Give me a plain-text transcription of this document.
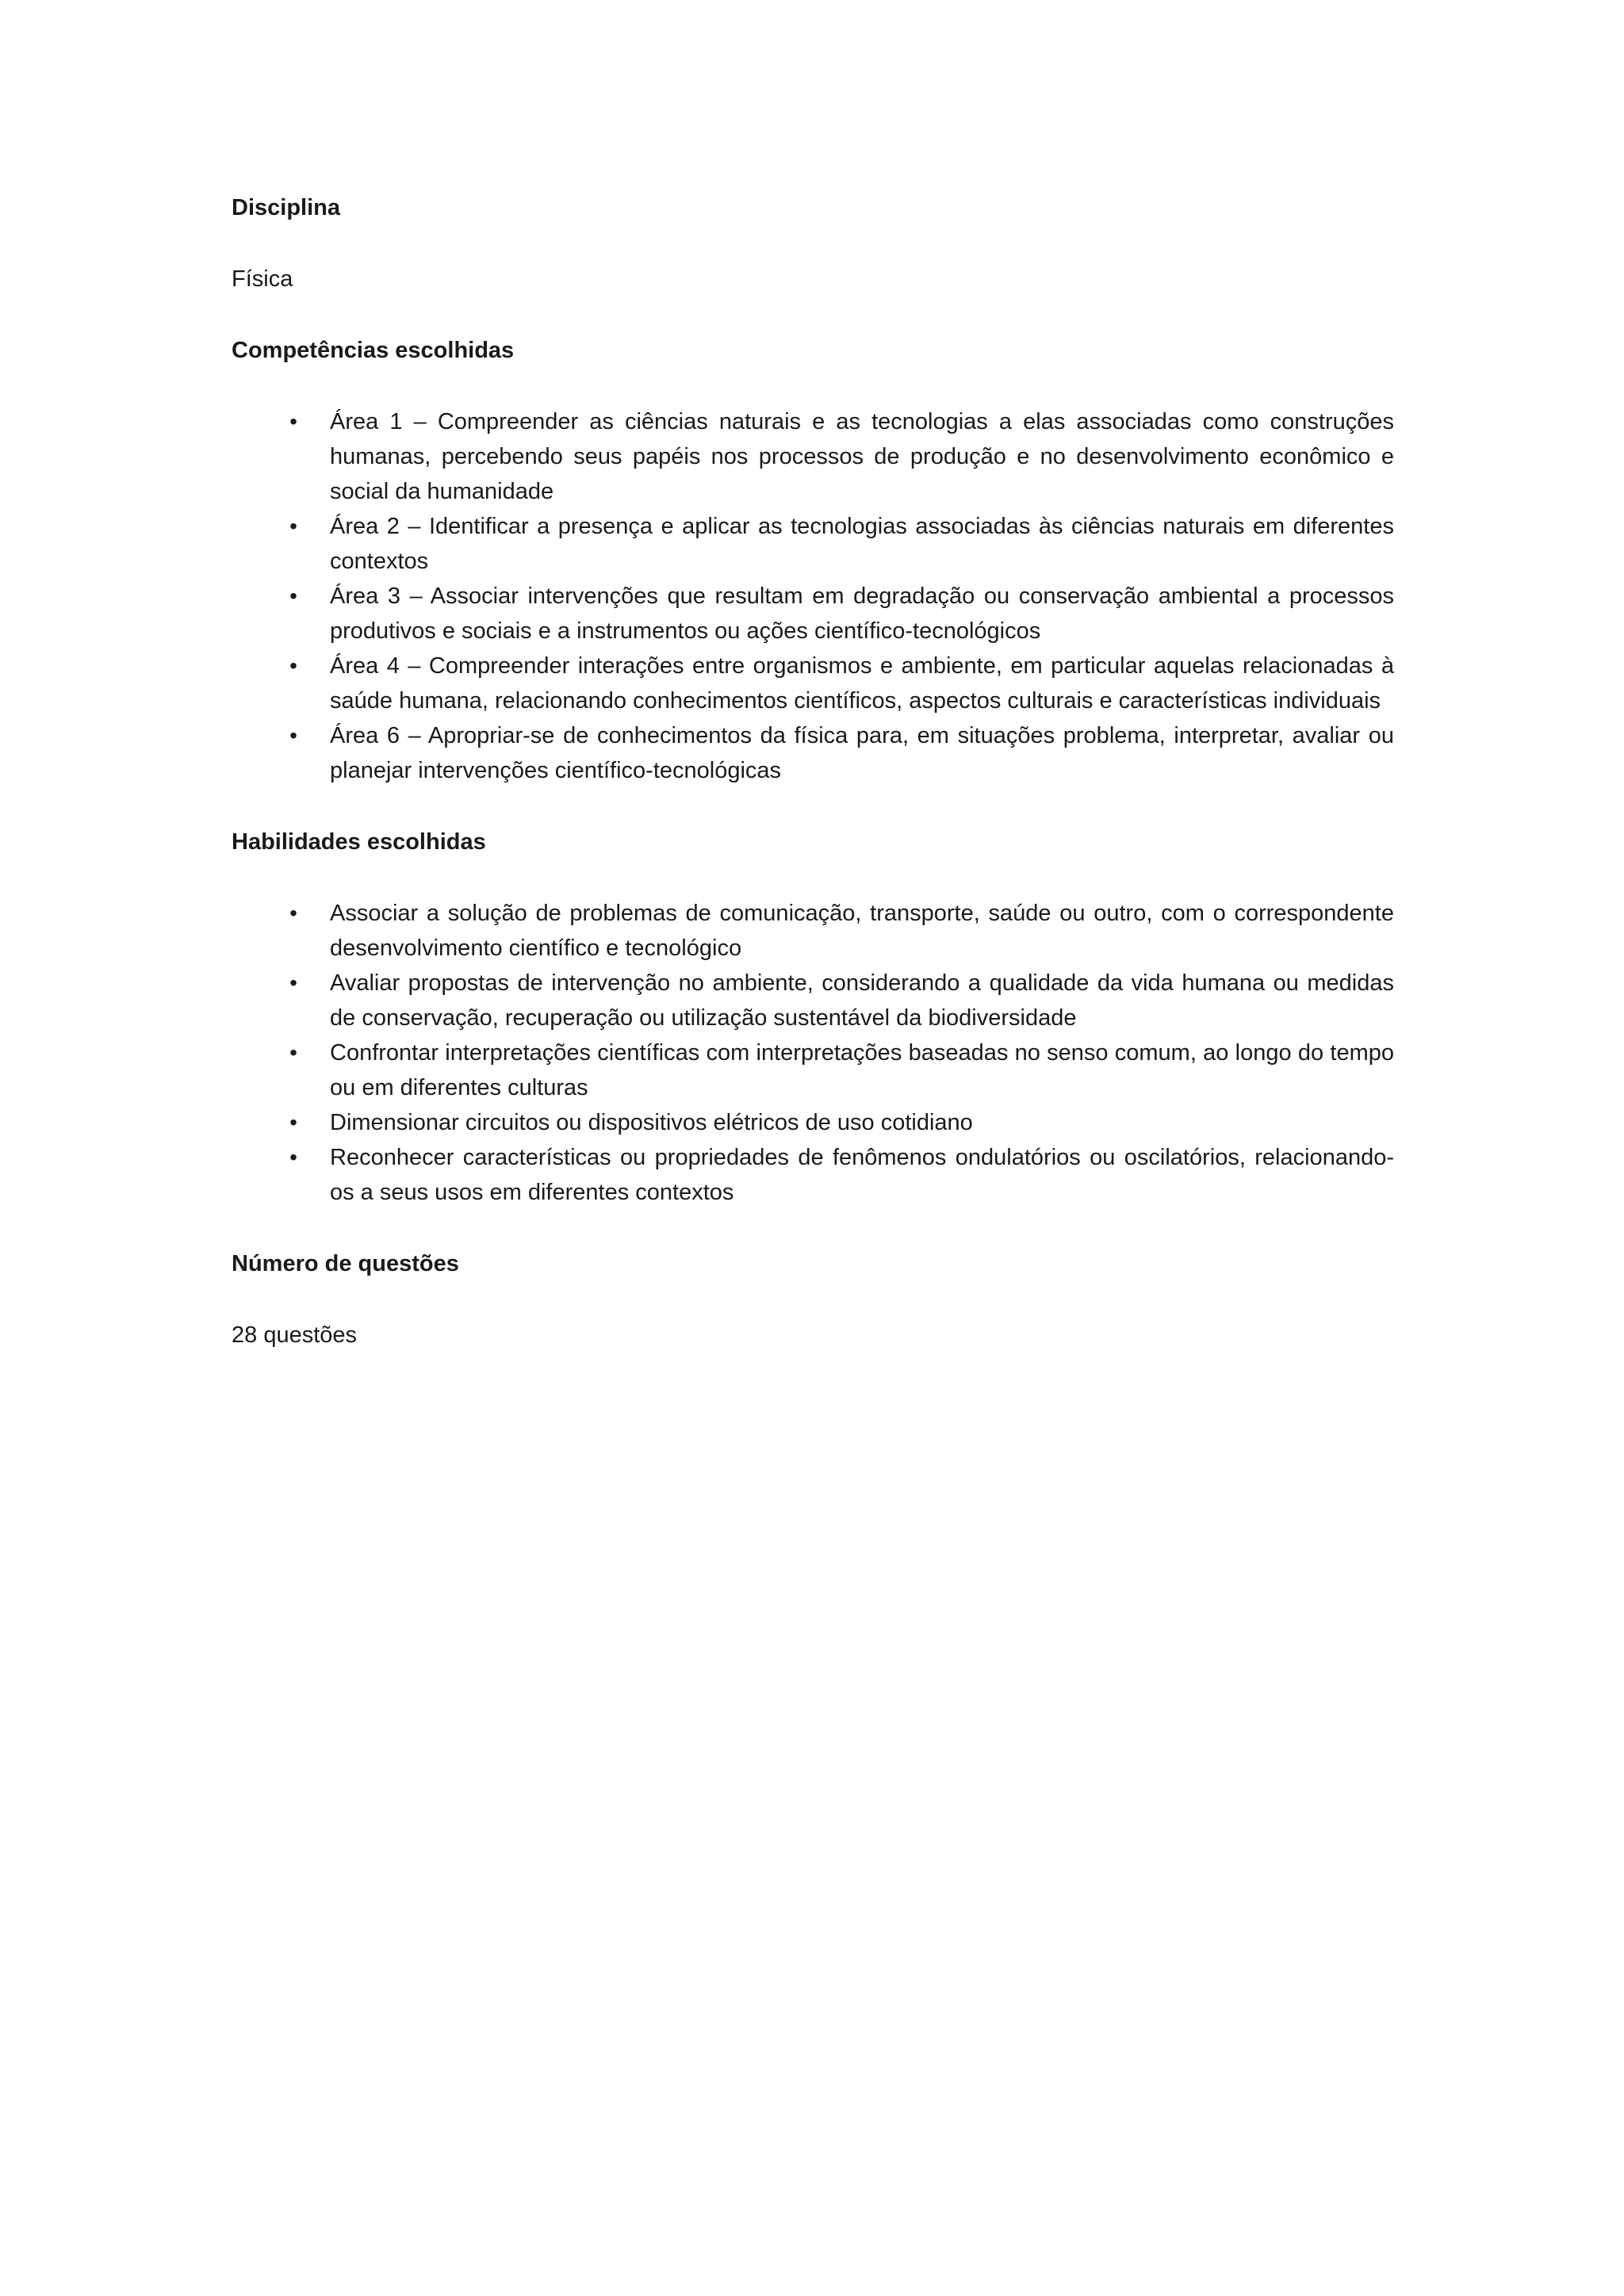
Disciplina

Física

Competências escolhidas

• Área 1 – Compreender as ciências naturais e as tecnologias a elas associadas como construções humanas, percebendo seus papéis nos processos de produção e no desenvolvimento econômico e social da humanidade
• Área 2 – Identificar a presença e aplicar as tecnologias associadas às ciências naturais em diferentes contextos
• Área 3 – Associar intervenções que resultam em degradação ou conservação ambiental a processos produtivos e sociais e a instrumentos ou ações científico-tecnológicos
• Área 4 – Compreender interações entre organismos e ambiente, em particular aquelas relacionadas à saúde humana, relacionando conhecimentos científicos, aspectos culturais e características individuais
• Área 6 – Apropriar-se de conhecimentos da física para, em situações problema, interpretar, avaliar ou planejar intervenções científico-tecnológicas

Habilidades escolhidas

• Associar a solução de problemas de comunicação, transporte, saúde ou outro, com o correspondente desenvolvimento científico e tecnológico
• Avaliar propostas de intervenção no ambiente, considerando a qualidade da vida humana ou medidas de conservação, recuperação ou utilização sustentável da biodiversidade
• Confrontar interpretações científicas com interpretações baseadas no senso comum, ao longo do tempo ou em diferentes culturas
• Dimensionar circuitos ou dispositivos elétricos de uso cotidiano
• Reconhecer características ou propriedades de fenômenos ondulatórios ou oscilatórios, relacionando-os a seus usos em diferentes contextos

Número de questões

28 questões
